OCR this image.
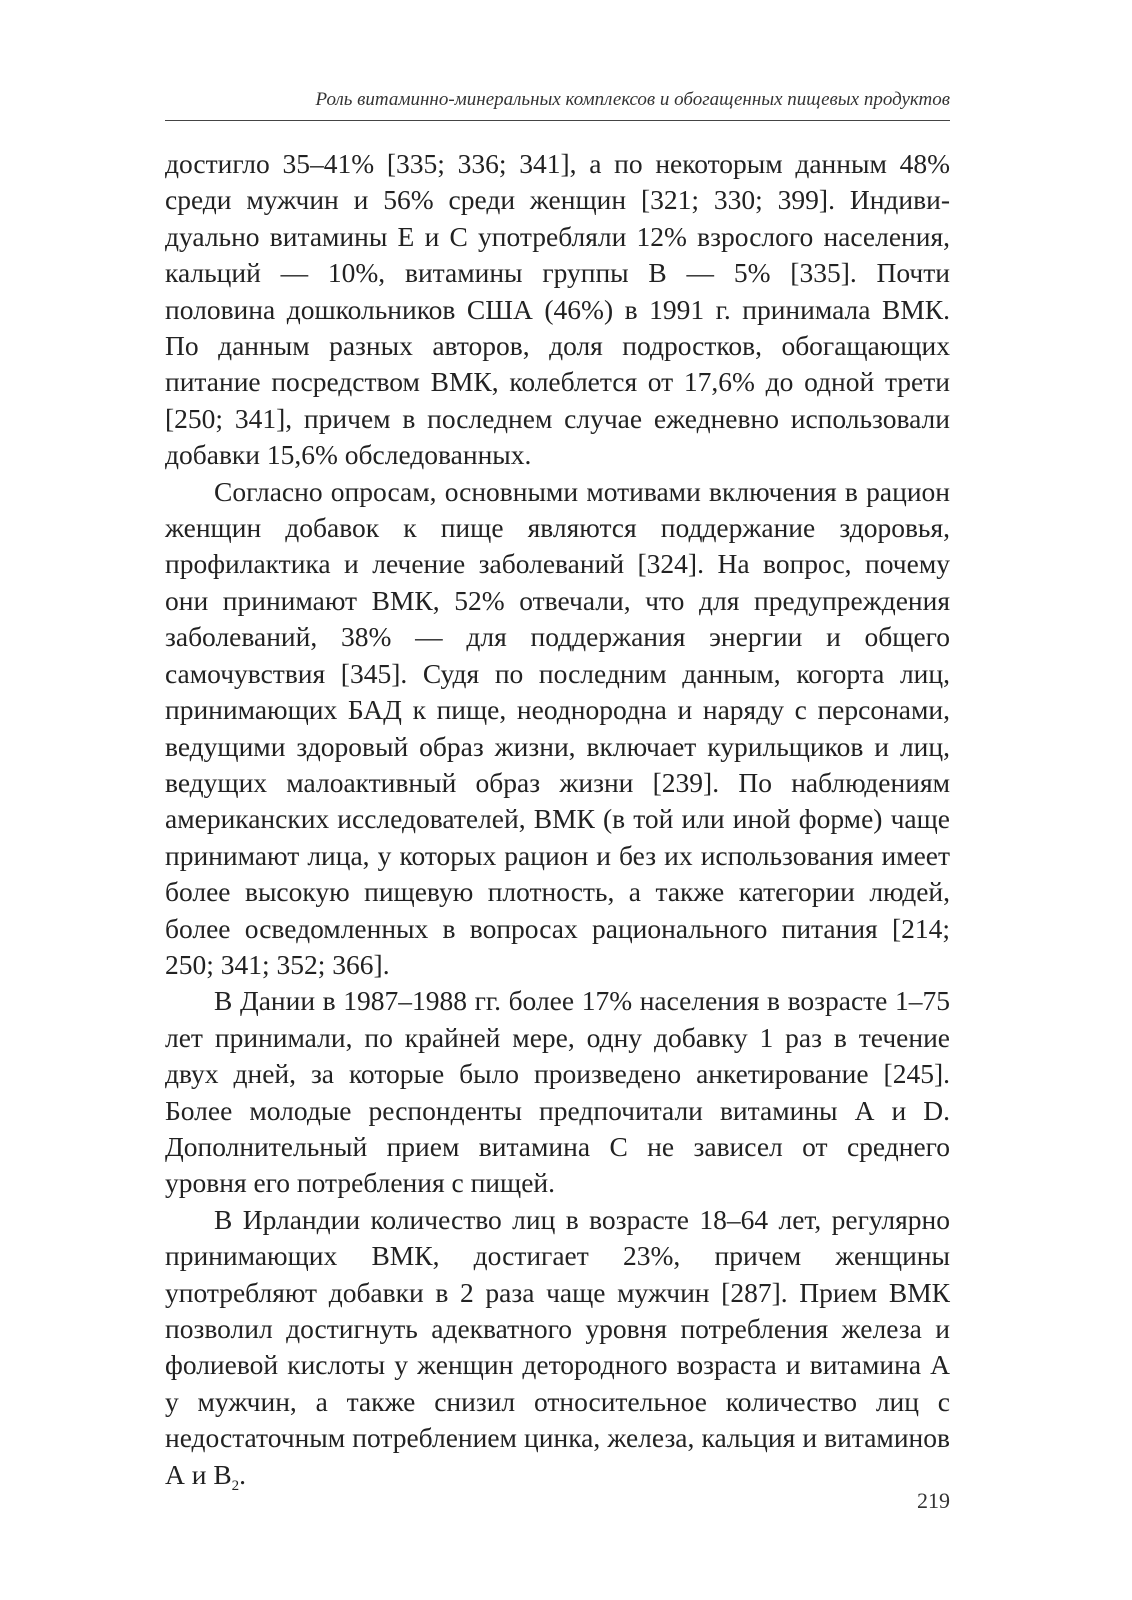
Роль витаминно-минеральных комплексов и обогащенных пищевых продуктов

достигло 35–41% [335; 336; 341], а по некоторым данным 48% среди мужчин и 56% среди женщин [321; 330; 399]. Индивидуально витамины Е и С употребляли 12% взрослого населения, кальций — 10%, витамины группы В — 5% [335]. Почти половина дошкольников США (46%) в 1991 г. принимала ВМК. По данным разных авторов, доля подростков, обогащающих питание посредством ВМК, колеблется от 17,6% до одной трети [250; 341], причем в последнем случае ежедневно использовали добавки 15,6% обследованных.

Согласно опросам, основными мотивами включения в рацион женщин добавок к пище являются поддержание здоровья, профилактика и лечение заболеваний [324]. На вопрос, почему они принимают ВМК, 52% отвечали, что для предупреждения заболеваний, 38% — для поддержания энергии и общего самочувствия [345]. Судя по последним данным, когорта лиц, принимающих БАД к пище, неоднородна и наряду с персонами, ведущими здоровый образ жизни, включает курильщиков и лиц, ведущих малоактивный образ жизни [239]. По наблюдениям американских исследователей, ВМК (в той или иной форме) чаще принимают лица, у которых рацион и без их использования имеет более высокую пищевую плотность, а также категории людей, более осведомленных в вопросах рационального питания [214; 250; 341; 352; 366].

В Дании в 1987–1988 гг. более 17% населения в возрасте 1–75 лет принимали, по крайней мере, одну добавку 1 раз в течение двух дней, за которые было произведено анкетирование [245]. Более молодые респонденты предпочитали витамины А и D. Дополнительный прием витамина С не зависел от среднего уровня его потребления с пищей.

В Ирландии количество лиц в возрасте 18–64 лет, регулярно принимающих ВМК, достигает 23%, причем женщины употребляют добавки в 2 раза чаще мужчин [287]. Прием ВМК позволил достигнуть адекватного уровня потребления железа и фолиевой кислоты у женщин детородного возраста и витамина А у мужчин, а также снизил относительное количество лиц с недостаточным потреблением цинка, железа, кальция и витаминов А и $В_2$.

219
